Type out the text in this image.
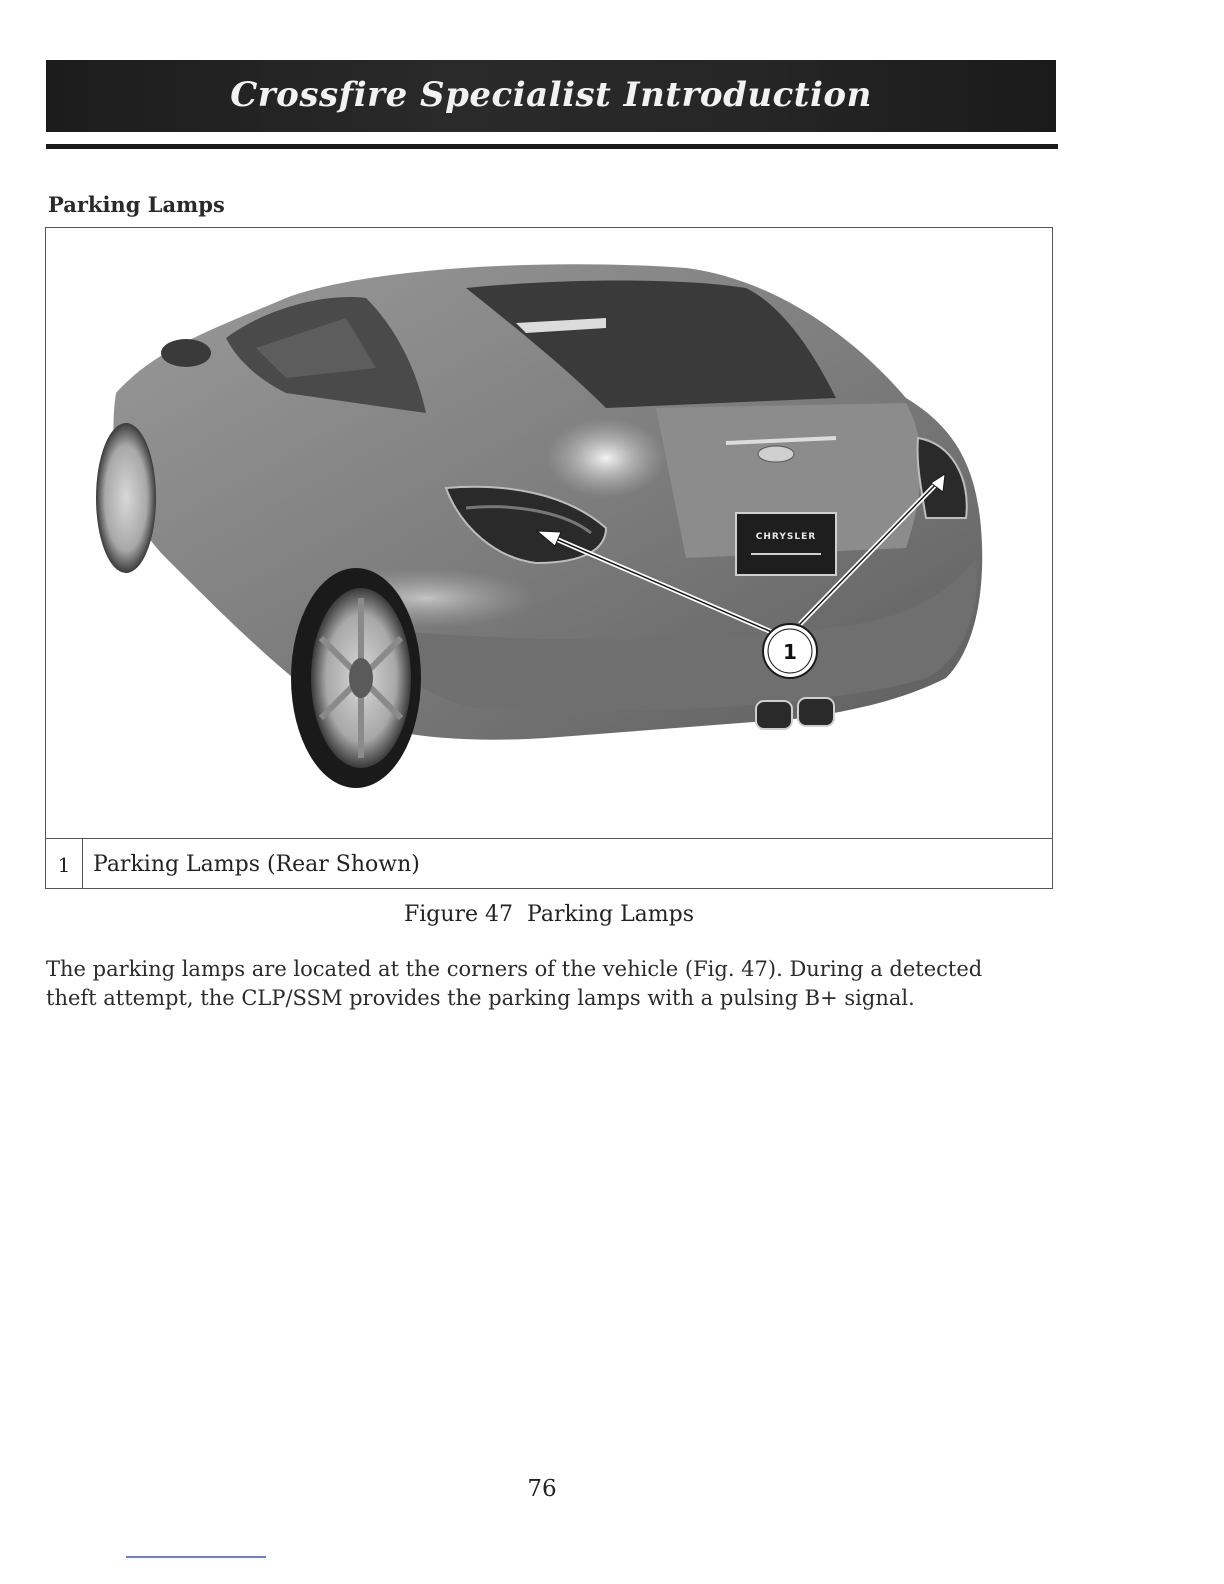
Crossfire Specialist Introduction
Parking Lamps
CHRYSLER
1
1	Parking Lamps (Rear Shown)
Figure 47  Parking Lamps
The parking lamps are located at the corners of the vehicle (Fig. 47). During a detected theft attempt, the CLP/SSM provides the parking lamps with a pulsing B+ signal.
76
